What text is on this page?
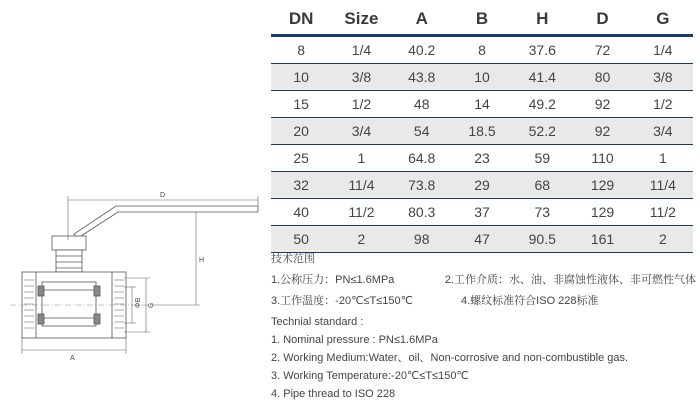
D
H
ΦB G
A
DN	Size	A	B	H	D	G
8	1/4	40.2	8	37.6	72	1/4
10	3/8	43.8	10	41.4	80	3/8
15	1/2	48	14	49.2	92	1/2
20	3/4	54	18.5	52.2	92	3/4
25	1	64.8	23	59	110	1
32	11/4	73.8	29	68	129	11/4
40	11/2	80.3	37	73	129	11/2
50	2	98	47	90.5	161	2
技术范围
1.公称压力：PN≤1.6MPa	2.工作介质：水、油、非腐蚀性液体、非可燃性气体
3.工作温度：-20℃≤T≤150℃	4.螺纹标准符合ISO 228标准
Technial standard :
1. Nominal pressure : PN≤1.6MPa
2. Working Medium:Water、oil、Non-corrosive and non-combustible gas.
3. Working Temperature:-20℃≤T≤150℃
4. Pipe thread to ISO 228
